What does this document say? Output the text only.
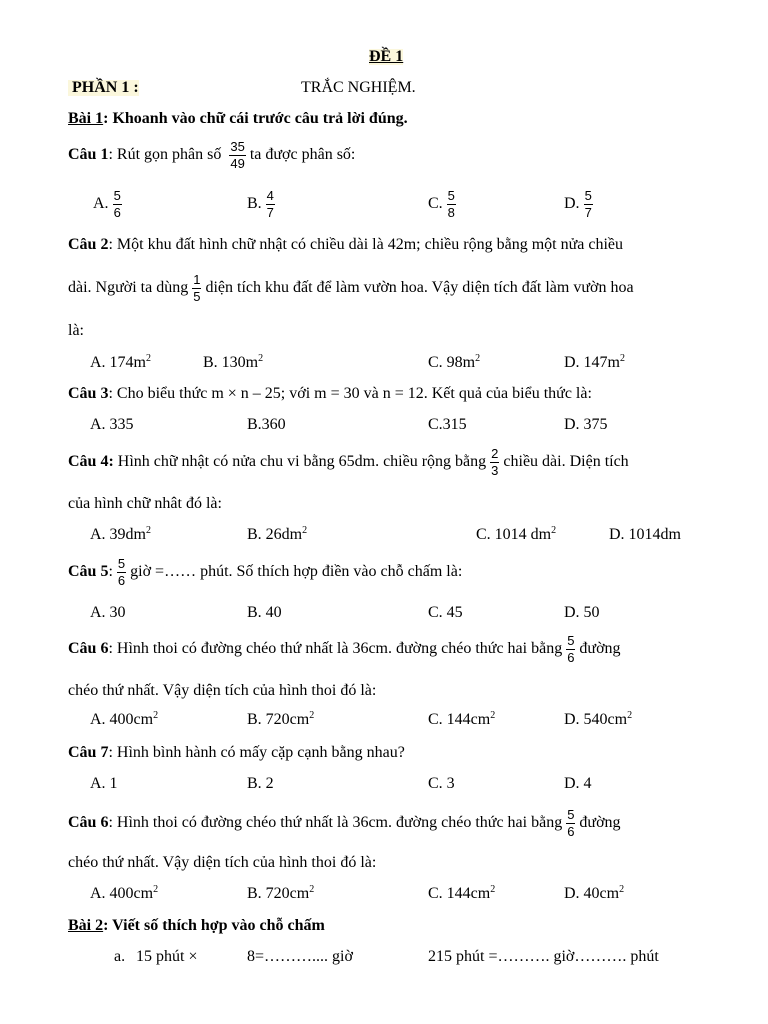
ĐỀ 1
PHẦN 1 :	TRẮC NGHIỆM.
Bài 1: Khoanh vào chữ cái trước câu trả lời đúng.
Câu 1: Rút gọn phân số $\frac{35}{49}$ ta được phân số:
A. $\frac{5}{6}$	B. $\frac{4}{7}$	C. $\frac{5}{8}$	D. $\frac{5}{7}$
Câu 2: Một khu đất hình chữ nhật có chiều dài là 42m; chiều rộng bằng một nửa chiều
dài. Người ta dùng $\frac{1}{5}$ diện tích khu đất để làm vườn hoa. Vậy diện tích đất làm vườn hoa
là:
A. $174m^2$	B. $130m^2$	C. $98m^2$	D. $147m^2$
Câu 3: Cho biểu thức m × n – 25; với m = 30 và n = 12. Kết quả của biểu thức là:
A. 335	B.360	C.315	D. 375
Câu 4: Hình chữ nhật có nửa chu vi bằng 65dm. chiều rộng bằng $\frac{2}{3}$ chiều dài. Diện tích
của hình chữ nhât đó là:
A. $39dm^2$	B. $26dm^2$	C. 1014 $dm^2$	D. 1014dm
Câu 5: $\frac{5}{6}$ giờ =…… phút. Số thích hợp điền vào chỗ chấm là:
A. 30	B. 40	C. 45	D. 50
Câu 6: Hình thoi có đường chéo thứ nhất là 36cm. đường chéo thức hai bằng $\frac{5}{6}$ đường
chéo thứ nhất. Vậy diện tích của hình thoi đó là:
A. $400cm^2$	B. $720cm^2$	C. $144cm^2$	D. $540cm^2$
Câu 7: Hình bình hành có mấy cặp cạnh bằng nhau?
A. 1	B. 2	C. 3	D. 4
Câu 6: Hình thoi có đường chéo thứ nhất là 36cm. đường chéo thức hai bằng $\frac{5}{6}$ đường
chéo thứ nhất. Vậy diện tích của hình thoi đó là:
A. $400cm^2$	B. $720cm^2$	C. $144cm^2$	D. $40cm^2$
Bài 2: Viết số thích hợp vào chỗ chấm
a. 15 phút ×	8=……….... giờ	215 phút =………. giờ………. phút
